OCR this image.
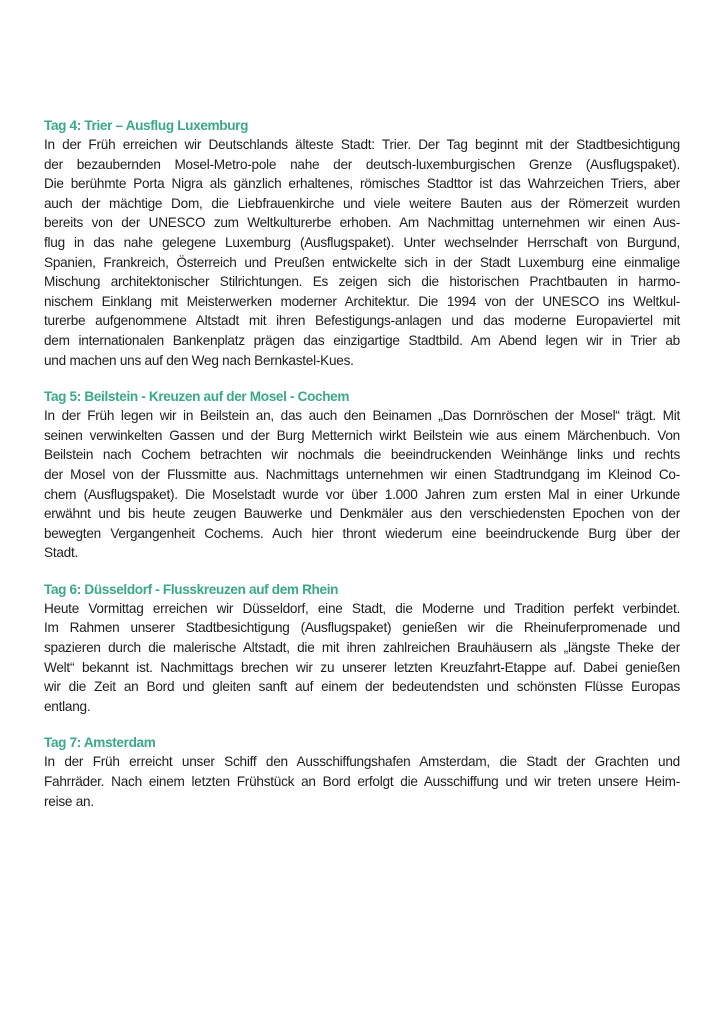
Tag 4: Trier – Ausflug Luxemburg

In der Früh erreichen wir Deutschlands älteste Stadt: Trier. Der Tag beginnt mit der Stadtbesichtigung
der bezaubernden Mosel-Metro-pole nahe der deutsch-luxemburgischen Grenze (Ausflugspaket).
Die berühmte Porta Nigra als gänzlich erhaltenes, römisches Stadttor ist das Wahrzeichen Triers, aber
auch der mächtige Dom, die Liebfrauenkirche und viele weitere Bauten aus der Römerzeit wurden
bereits von der UNESCO zum Weltkulturerbe erhoben. Am Nachmittag unternehmen wir einen Aus-
flug in das nahe gelegene Luxemburg (Ausflugspaket). Unter wechselnder Herrschaft von Burgund,
Spanien, Frankreich, Österreich und Preußen entwickelte sich in der Stadt Luxemburg eine einmalige
Mischung architektonischer Stilrichtungen. Es zeigen sich die historischen Prachtbauten in harmo-
nischem Einklang mit Meisterwerken moderner Architektur. Die 1994 von der UNESCO ins Weltkul-
turerbe aufgenommene Altstadt mit ihren Befestigungs-anlagen und das moderne Europaviertel mit
dem internationalen Bankenplatz prägen das einzigartige Stadtbild. Am Abend legen wir in Trier ab
und machen uns auf den Weg nach Bernkastel-Kues.

Tag 5: Beilstein - Kreuzen auf der Mosel - Cochem

In der Früh legen wir in Beilstein an, das auch den Beinamen „Das Dornröschen der Mosel“ trägt. Mit
seinen verwinkelten Gassen und der Burg Metternich wirkt Beilstein wie aus einem Märchenbuch. Von
Beilstein nach Cochem betrachten wir nochmals die beeindruckenden Weinhänge links und rechts
der Mosel von der Flussmitte aus. Nachmittags unternehmen wir einen Stadtrundgang im Kleinod Co-
chem (Ausflugspaket). Die Moselstadt wurde vor über 1.000 Jahren zum ersten Mal in einer Urkunde
erwähnt und bis heute zeugen Bauwerke und Denkmäler aus den verschiedensten Epochen von der
bewegten Vergangenheit Cochems. Auch hier thront wiederum eine beeindruckende Burg über der
Stadt.

Tag 6: Düsseldorf - Flusskreuzen auf dem Rhein

Heute Vormittag erreichen wir Düsseldorf, eine Stadt, die Moderne und Tradition perfekt verbindet.
Im Rahmen unserer Stadtbesichtigung (Ausflugspaket) genießen wir die Rheinuferpromenade und
spazieren durch die malerische Altstadt, die mit ihren zahlreichen Brauhäusern als „längste Theke der
Welt“ bekannt ist. Nachmittags brechen wir zu unserer letzten Kreuzfahrt-Etappe auf. Dabei genießen
wir die Zeit an Bord und gleiten sanft auf einem der bedeutendsten und schönsten Flüsse Europas
entlang.

Tag 7: Amsterdam

In der Früh erreicht unser Schiff den Ausschiffungshafen Amsterdam, die Stadt der Grachten und
Fahrräder. Nach einem letzten Frühstück an Bord erfolgt die Ausschiffung und wir treten unsere Heim-
reise an.
